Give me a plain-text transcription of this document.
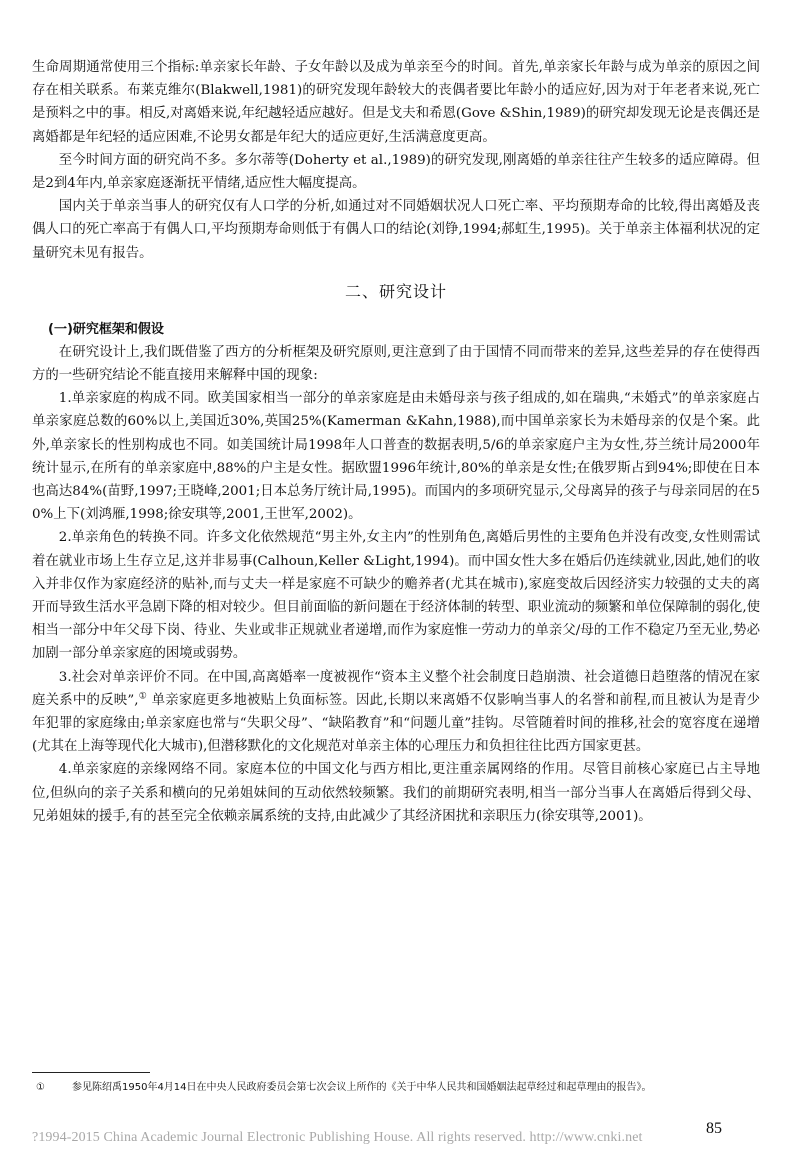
生命周期通常使用三个指标:单亲家长年龄、子女年龄以及成为单亲至今的时间。首先,单亲家长年龄与成为单亲的原因之间存在相关联系。布莱克维尔(Blakwell,1981)的研究发现年龄较大的丧偶者要比年龄小的适应好,因为对于年老者来说,死亡是预料之中的事。相反,对离婚来说,年纪越轻适应越好。但是戈夫和希恩(Gove &Shin,1989)的研究却发现无论是丧偶还是离婚都是年纪轻的适应困难,不论男女都是年纪大的适应更好,生活满意度更高。

至今时间方面的研究尚不多。多尔蒂等(Doherty et al.,1989)的研究发现,刚离婚的单亲往往产生较多的适应障碍。但是2到4年内,单亲家庭逐渐抚平情绪,适应性大幅度提高。

国内关于单亲当事人的研究仅有人口学的分析,如通过对不同婚姻状况人口死亡率、平均预期寿命的比较,得出离婚及丧偶人口的死亡率高于有偶人口,平均预期寿命则低于有偶人口的结论(刘铮,1994;郝虹生,1995)。关于单亲主体福利状况的定量研究未见有报告。

二、研究设计
(一)研究框架和假设

在研究设计上,我们既借鉴了西方的分析框架及研究原则,更注意到了由于国情不同而带来的差异,这些差异的存在使得西方的一些研究结论不能直接用来解释中国的现象:

1.单亲家庭的构成不同。欧美国家相当一部分的单亲家庭是由未婚母亲与孩子组成的,如在瑞典,“未婚式”的单亲家庭占单亲家庭总数的60%以上,美国近30%,英国25%(Kamerman &Kahn,1988),而中国单亲家长为未婚母亲的仅是个案。此外,单亲家长的性别构成也不同。如美国统计局1998年人口普查的数据表明,5/6的单亲家庭户主为女性,芬兰统计局2000年统计显示,在所有的单亲家庭中,88%的户主是女性。据欧盟1996年统计,80%的单亲是女性;在俄罗斯占到94%;即使在日本也高达84%(苗野,1997;王晓峰,2001;日本总务厅统计局,1995)。而国内的多项研究显示,父母离异的孩子与母亲同居的在50%上下(刘鸿雁,1998;徐安琪等,2001,王世军,2002)。

2.单亲角色的转换不同。许多文化依然规范“男主外,女主内”的性别角色,离婚后男性的主要角色并没有改变,女性则需试着在就业市场上生存立足,这并非易事(Calhoun,Keller &Light,1994)。而中国女性大多在婚后仍连续就业,因此,她们的收入并非仅作为家庭经济的贴补,而与丈夫一样是家庭不可缺少的赡养者(尤其在城市),家庭变故后因经济实力较强的丈夫的离开而导致生活水平急剧下降的相对较少。但目前面临的新问题在于经济体制的转型、职业流动的频繁和单位保障制的弱化,使相当一部分中年父母下岗、待业、失业或非正规就业者递增,而作为家庭惟一劳动力的单亲父/母的工作不稳定乃至无业,势必加剧一部分单亲家庭的困境或弱势。

3.社会对单亲评价不同。在中国,高离婚率一度被视作“资本主义整个社会制度日趋崩溃、社会道德日趋堕落的情况在家庭关系中的反映”,① 单亲家庭更多地被贴上负面标签。因此,长期以来离婚不仅影响当事人的名誉和前程,而且被认为是青少年犯罪的家庭缘由;单亲家庭也常与“失职父母”、“缺陷教育”和“问题儿童”挂钩。尽管随着时间的推移,社会的宽容度在递增(尤其在上海等现代化大城市),但潜移默化的文化规范对单亲主体的心理压力和负担往往比西方国家更甚。

4.单亲家庭的亲缘网络不同。家庭本位的中国文化与西方相比,更注重亲属网络的作用。尽管目前核心家庭已占主导地位,但纵向的亲子关系和横向的兄弟姐妹间的互动依然较频繁。我们的前期研究表明,相当一部分当事人在离婚后得到父母、兄弟姐妹的援手,有的甚至完全依赖亲属系统的支持,由此减少了其经济困扰和亲职压力(徐安琪等,2001)。

①	参见陈绍禹1950年4月14日在中央人民政府委员会第七次会议上所作的《关于中华人民共和国婚姻法起草经过和起草理由的报告》。
85
?1994-2015 China Academic Journal Electronic Publishing House. All rights reserved. http://www.cnki.net
